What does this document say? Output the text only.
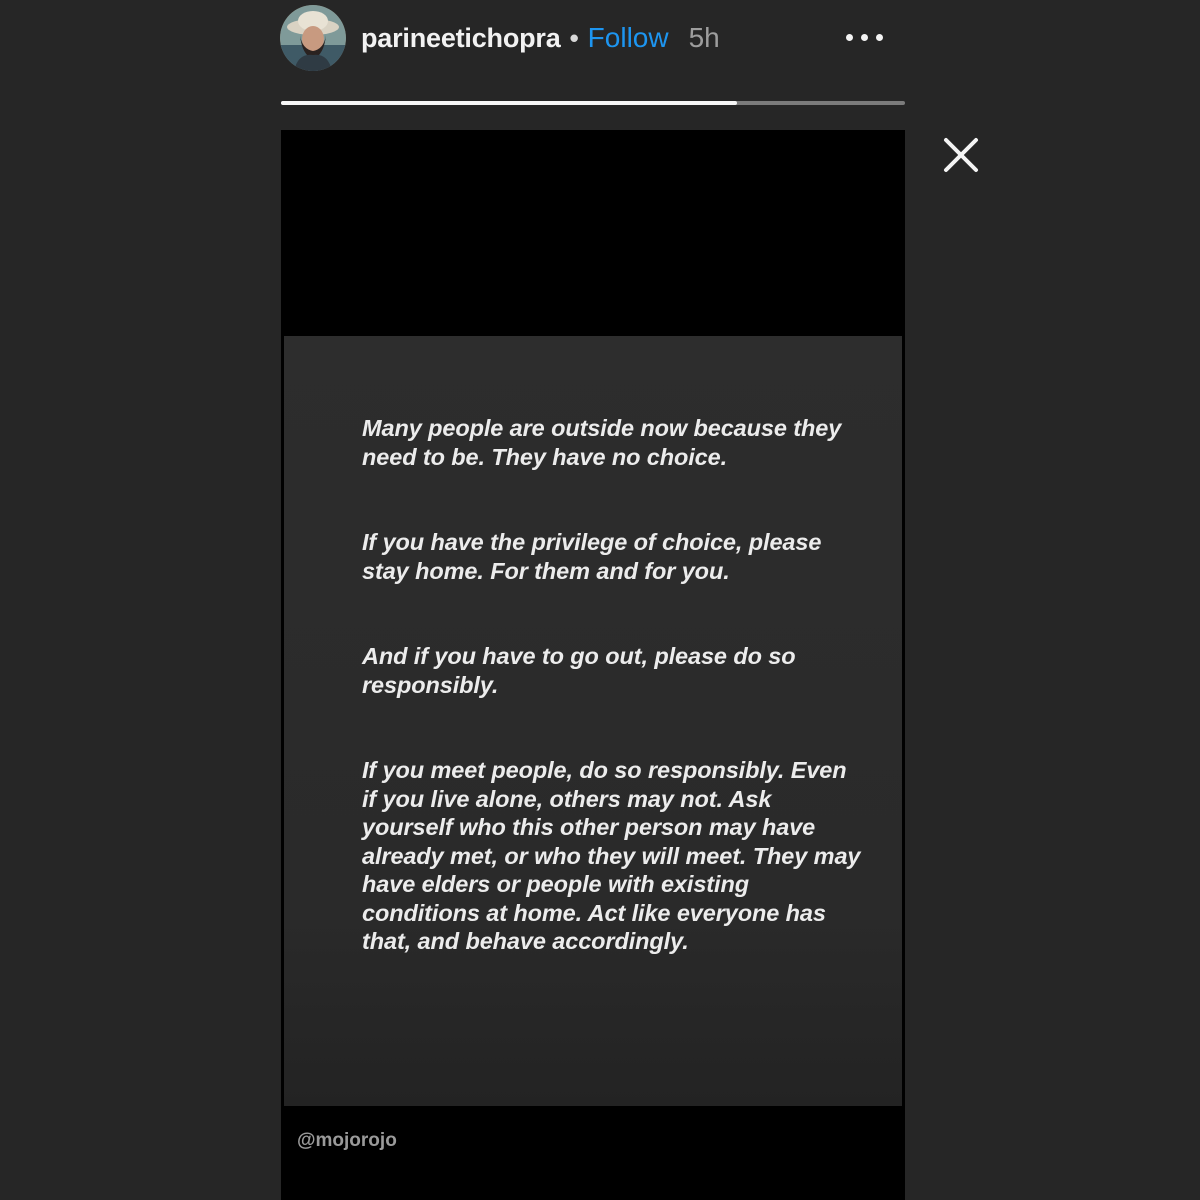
parineetichopra • Follow 5h

Many people are outside now because they need to be. They have no choice.

If you have the privilege of choice, please stay home. For them and for you.

And if you have to go out, please do so responsibly.

If you meet people, do so responsibly. Even if you live alone, others may not. Ask yourself who this other person may have already met, or who they will meet. They may have elders or people with existing conditions at home. Act like everyone has that, and behave accordingly.

@mojorojo
